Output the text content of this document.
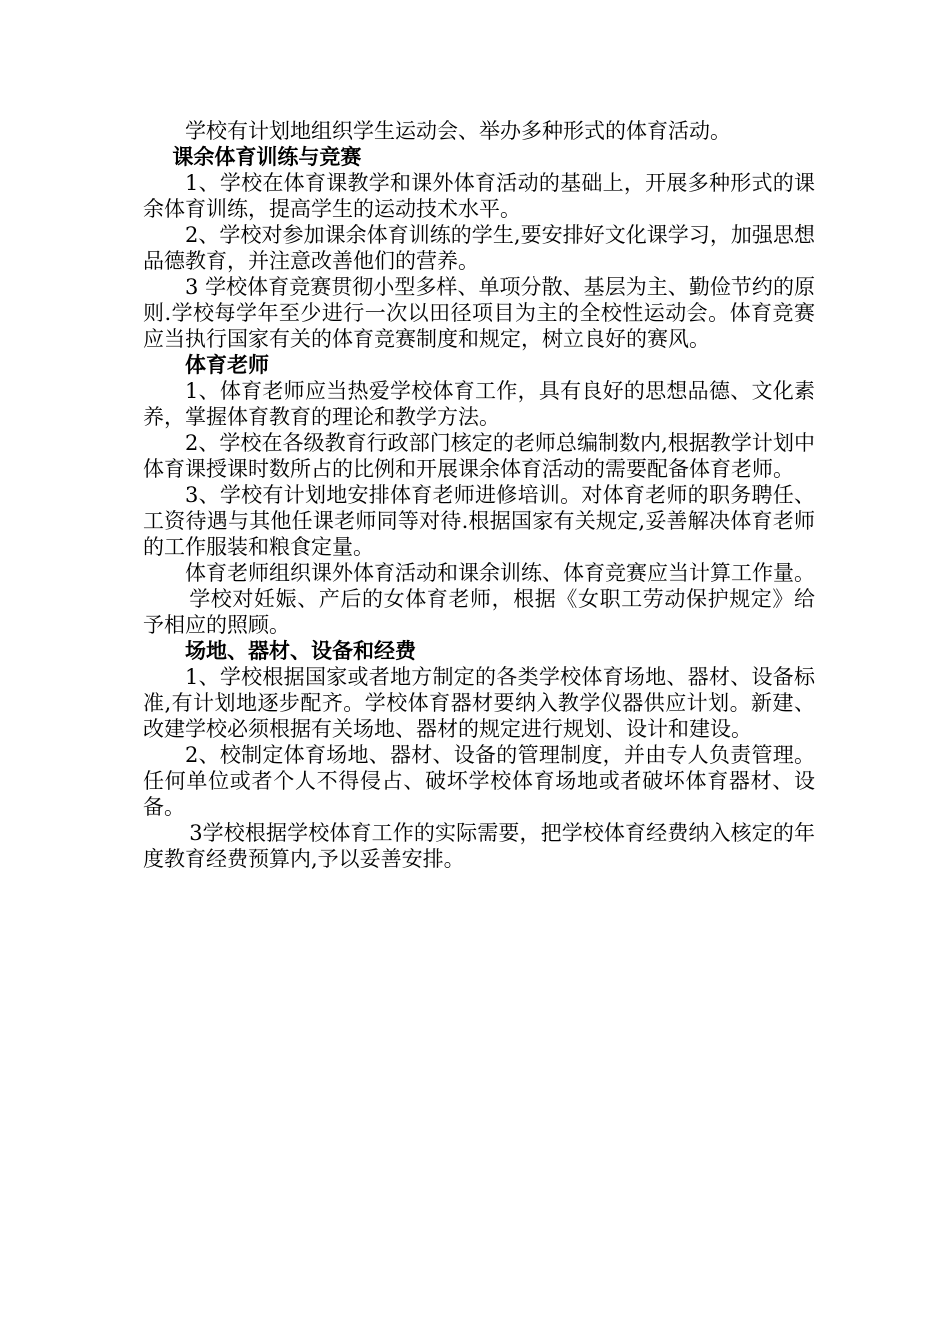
学校有计划地组织学生运动会、举办多种形式的体育活动。

课余体育训练与竞赛

1、学校在体育课教学和课外体育活动的基础上，开展多种形式的课余体育训练，提高学生的运动技术水平。

2、学校对参加课余体育训练的学生,要安排好文化课学习，加强思想品德教育，并注意改善他们的营养。

3 学校体育竞赛贯彻小型多样、单项分散、基层为主、勤俭节约的原则.学校每学年至少进行一次以田径项目为主的全校性运动会。体育竞赛应当执行国家有关的体育竞赛制度和规定，树立良好的赛风。

体育老师

1、体育老师应当热爱学校体育工作，具有良好的思想品德、文化素养，掌握体育教育的理论和教学方法。

2、学校在各级教育行政部门核定的老师总编制数内,根据教学计划中体育课授课时数所占的比例和开展课余体育活动的需要配备体育老师。

3、学校有计划地安排体育老师进修培训。对体育老师的职务聘任、工资待遇与其他任课老师同等对待.根据国家有关规定,妥善解决体育老师的工作服装和粮食定量。

体育老师组织课外体育活动和课余训练、体育竞赛应当计算工作量。

学校对妊娠、产后的女体育老师，根据《女职工劳动保护规定》给予相应的照顾。

场地、器材、设备和经费

1、学校根据国家或者地方制定的各类学校体育场地、器材、设备标准,有计划地逐步配齐。学校体育器材要纳入教学仪器供应计划。新建、改建学校必须根据有关场地、器材的规定进行规划、设计和建设。

2、校制定体育场地、器材、设备的管理制度，并由专人负责管理。任何单位或者个人不得侵占、破坏学校体育场地或者破坏体育器材、设备。

3学校根据学校体育工作的实际需要，把学校体育经费纳入核定的年度教育经费预算内,予以妥善安排。
